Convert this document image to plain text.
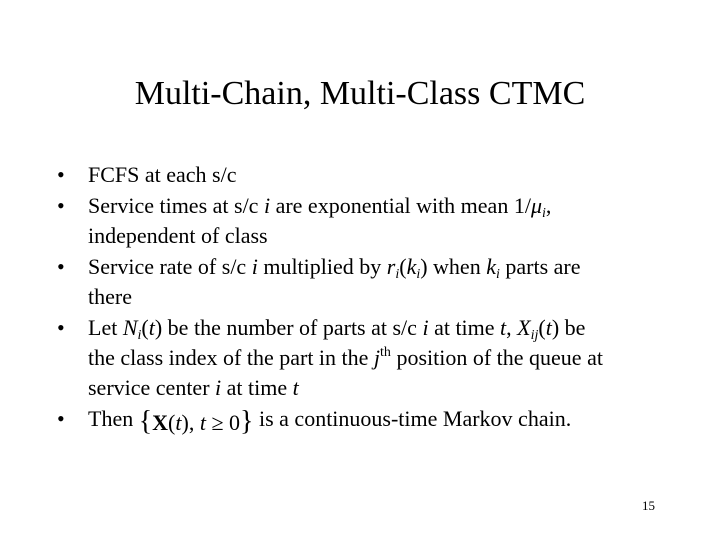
Multi-Chain, Multi-Class CTMC
• FCFS at each s/c
• Service times at s/c i are exponential with mean $1/\mu_i$,
independent of class
• Service rate of s/c i multiplied by $r_i(k_i)$ when $k_i$ parts are
there
• Let $N_i(t)$ be the number of parts at s/c i at time t, $X_{ij}(t)$ be
the class index of the part in the $j^{th}$ position of the queue at
service center i at time t
• Then {X(t), t ≥ 0} is a continuous-time Markov chain.
15
